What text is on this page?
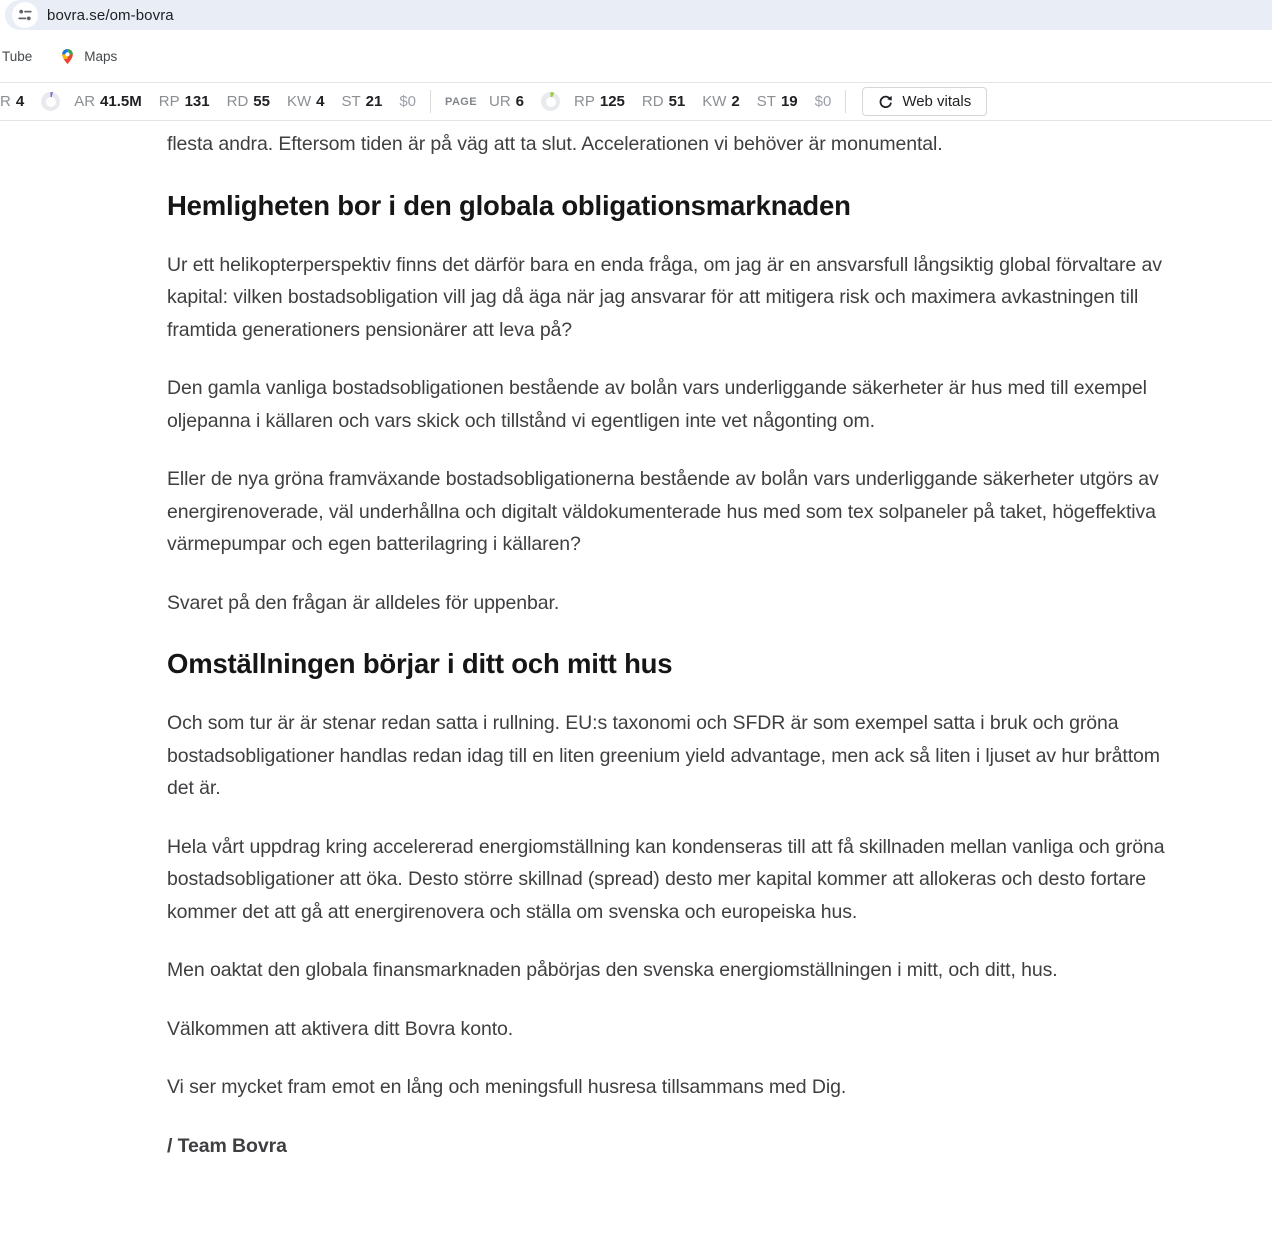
bovra.se/om-bovra
Tube	Maps
R 4	AR 41.5M RP 131 RD 55 KW 4 ST 21 $0	PAGE UR 6	RP 125 RD 51 KW 2 ST 19 $0	Web vitals

flesta andra. Eftersom tiden är på väg att ta slut. Accelerationen vi behöver är monumental.

Hemligheten bor i den globala obligationsmarknaden

Ur ett helikopterperspektiv finns det därför bara en enda fråga, om jag är en ansvarsfull långsiktig global förvaltare av kapital: vilken bostadsobligation vill jag då äga när jag ansvarar för att mitigera risk och maximera avkastningen till framtida generationers pensionärer att leva på?

Den gamla vanliga bostadsobligationen bestående av bolån vars underliggande säkerheter är hus med till exempel oljepanna i källaren och vars skick och tillstånd vi egentligen inte vet någonting om.

Eller de nya gröna framväxande bostadsobligationerna bestående av bolån vars underliggande säkerheter utgörs av energirenoverade, väl underhållna och digitalt väldokumenterade hus med som tex solpaneler på taket, högeffektiva värmepumpar och egen batterilagring i källaren?

Svaret på den frågan är alldeles för uppenbar.

Omställningen börjar i ditt och mitt hus

Och som tur är är stenar redan satta i rullning. EU:s taxonomi och SFDR är som exempel satta i bruk och gröna bostadsobligationer handlas redan idag till en liten greenium yield advantage, men ack så liten i ljuset av hur bråttom det är.

Hela vårt uppdrag kring accelererad energiomställning kan kondenseras till att få skillnaden mellan vanliga och gröna bostadsobligationer att öka. Desto större skillnad (spread) desto mer kapital kommer att allokeras och desto fortare kommer det att gå att energirenovera och ställa om svenska och europeiska hus.

Men oaktat den globala finansmarknaden påbörjas den svenska energiomställningen i mitt, och ditt, hus.

Välkommen att aktivera ditt Bovra konto.

Vi ser mycket fram emot en lång och meningsfull husresa tillsammans med Dig.

/ Team Bovra
